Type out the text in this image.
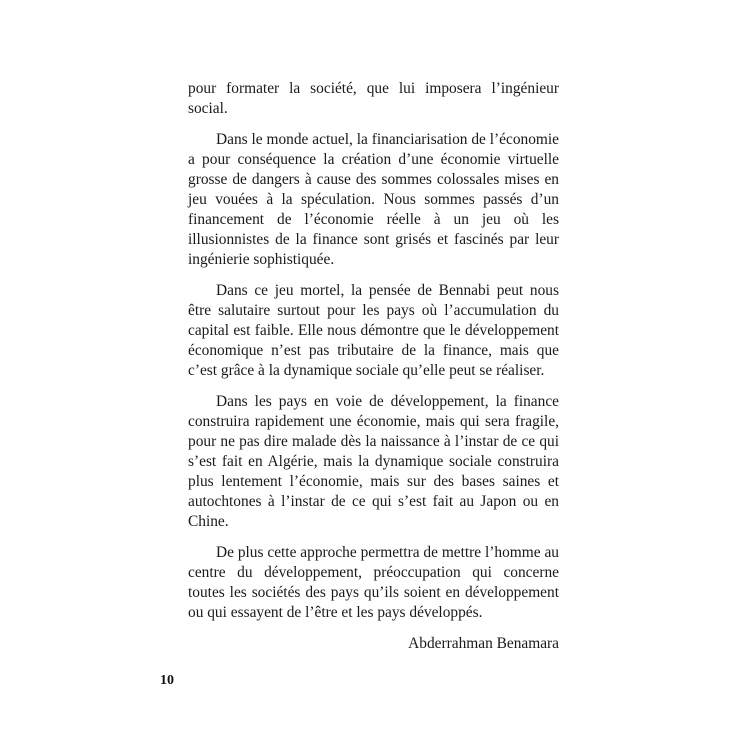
pour formater la société, que lui imposera l’ingénieur social.

Dans le monde actuel, la financiarisation de l’économie a pour conséquence la création d’une économie virtuelle grosse de dangers à cause des sommes colossales mises en jeu vouées à la spéculation. Nous sommes passés d’un financement de l’économie réelle à un jeu où les illusionnistes de la finance sont grisés et fascinés par leur ingénierie sophistiquée.

Dans ce jeu mortel, la pensée de Bennabi peut nous être salutaire surtout pour les pays où l’accumulation du capital est faible. Elle nous démontre que le développement économique n’est pas tributaire de la finance, mais que c’est grâce à la dynamique sociale qu’elle peut se réaliser.

Dans les pays en voie de développement, la finance construira rapidement une économie, mais qui sera fragile, pour ne pas dire malade dès la naissance à l’instar de ce qui s’est fait en Algérie, mais la dynamique sociale construira plus lentement l’économie, mais sur des bases saines et autochtones à l’instar de ce qui s’est fait au Japon ou en Chine.

De plus cette approche permettra de mettre l’homme au centre du développement, préoccupation qui concerne toutes les sociétés des pays qu’ils soient en développement ou qui essayent de l’être et les pays développés.

Abderrahman Benamara
10
